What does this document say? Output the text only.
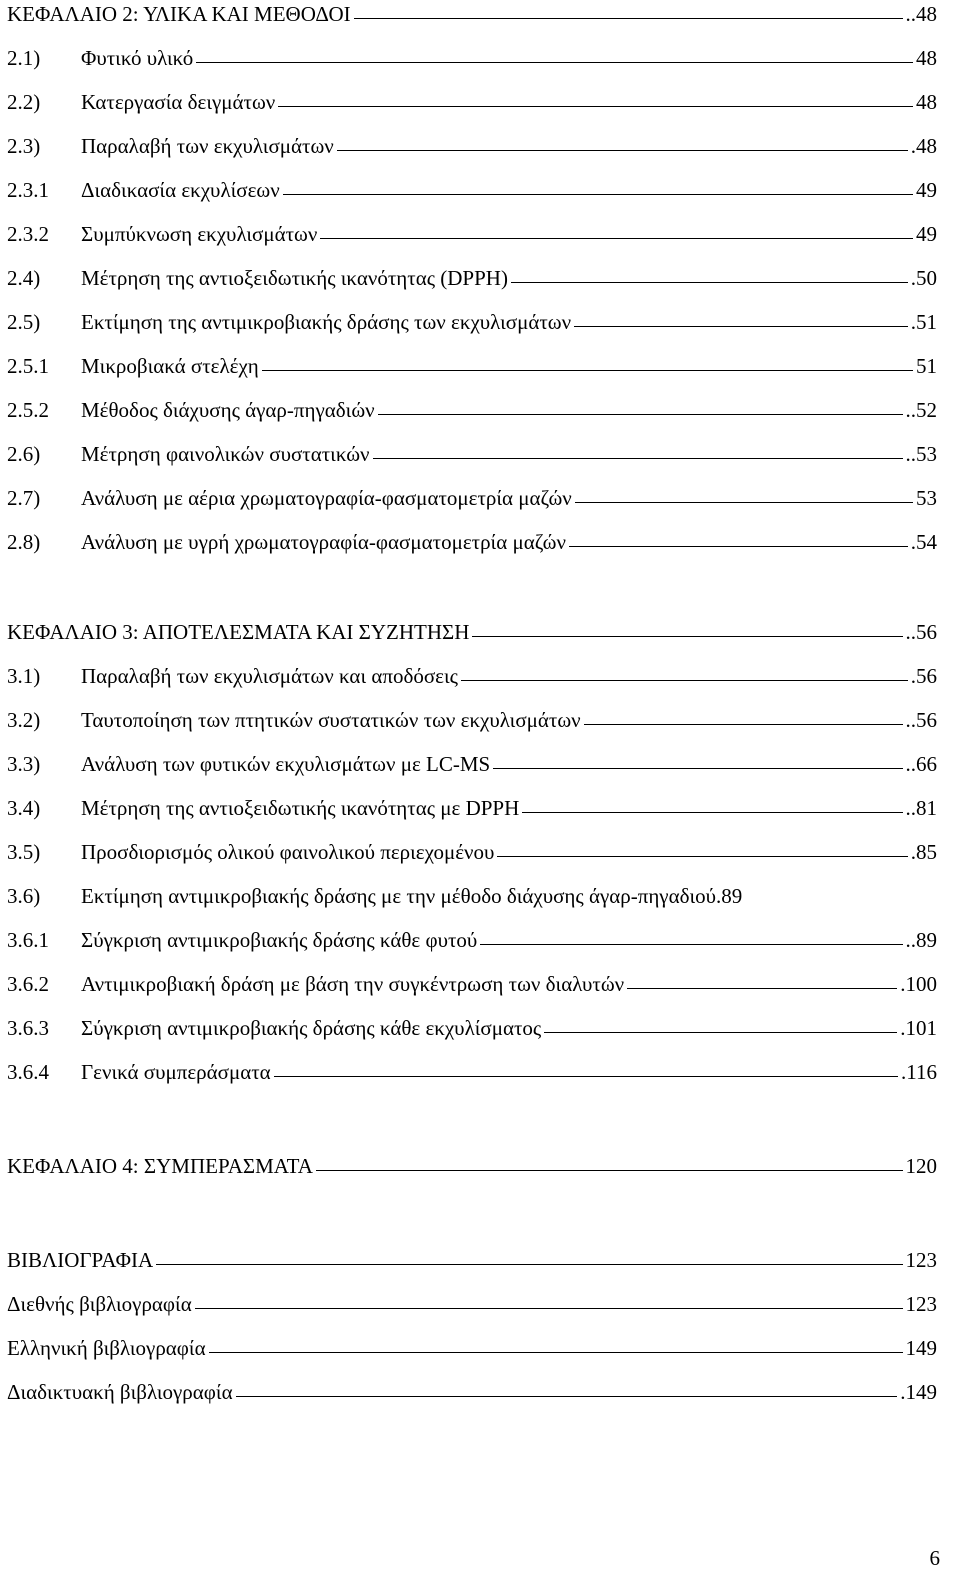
ΚΕΦΑΛΑΙΟ 2: ΥΛΙΚΑ ΚΑΙ ΜΕΘΟΔΟΙ	.. 48
2.1)	Φυτικό υλικό	48
2.2)	Κατεργασία δειγμάτων	48
2.3)	Παραλαβή των εκχυλισμάτων	. 48
2.3.1	Διαδικασία εκχυλίσεων	49
2.3.2	Συμπύκνωση εκχυλισμάτων	49
2.4)	Μέτρηση της αντιοξειδωτικής ικανότητας (DPPH)	. 50
2.5)	Εκτίμηση της αντιμικροβιακής δράσης των εκχυλισμάτων	. 51
2.5.1	Μικροβιακά στελέχη	51
2.5.2	Μέθοδος διάχυσης άγαρ-πηγαδιών	.. 52
2.6)	Μέτρηση φαινολικών συστατικών	.. 53
2.7)	Ανάλυση με αέρια χρωματογραφία-φασματομετρία μαζών	53
2.8)	Ανάλυση με υγρή χρωματογραφία-φασματομετρία μαζών	. 54
ΚΕΦΑΛΑΙΟ 3: ΑΠΟΤΕΛΕΣΜΑΤΑ ΚΑΙ ΣΥΖΗΤΗΣΗ	.. 56
3.1)	Παραλαβή των εκχυλισμάτων και αποδόσεις	. 56
3.2)	Ταυτοποίηση των πτητικών συστατικών των εκχυλισμάτων	.. 56
3.3)	Ανάλυση των φυτικών εκχυλισμάτων με LC-MS	.. 66
3.4)	Μέτρηση της αντιοξειδωτικής ικανότητας με DPPH	.. 81
3.5)	Προσδιορισμός ολικού φαινολικού περιεχομένου	. 85
3.6)	Εκτίμηση αντιμικροβιακής δράσης με την μέθοδο διάχυσης άγαρ-πηγαδιού. 89
3.6.1	Σύγκριση αντιμικροβιακής δράσης κάθε φυτού	.. 89
3.6.2	Αντιμικροβιακή δράση με βάση την συγκέντρωση των διαλυτών	. 100
3.6.3	Σύγκριση αντιμικροβιακής δράσης κάθε εκχυλίσματος	. 101
3.6.4	Γενικά συμπεράσματα	. 116
ΚΕΦΑΛΑΙΟ 4: ΣΥΜΠΕΡΑΣΜΑΤΑ	120
ΒΙΒΛΙΟΓΡΑΦΙΑ	123
Διεθνής βιβλιογραφία	123
Ελληνική βιβλιογραφία	149
Διαδικτυακή βιβλιογραφία	. 149
6
